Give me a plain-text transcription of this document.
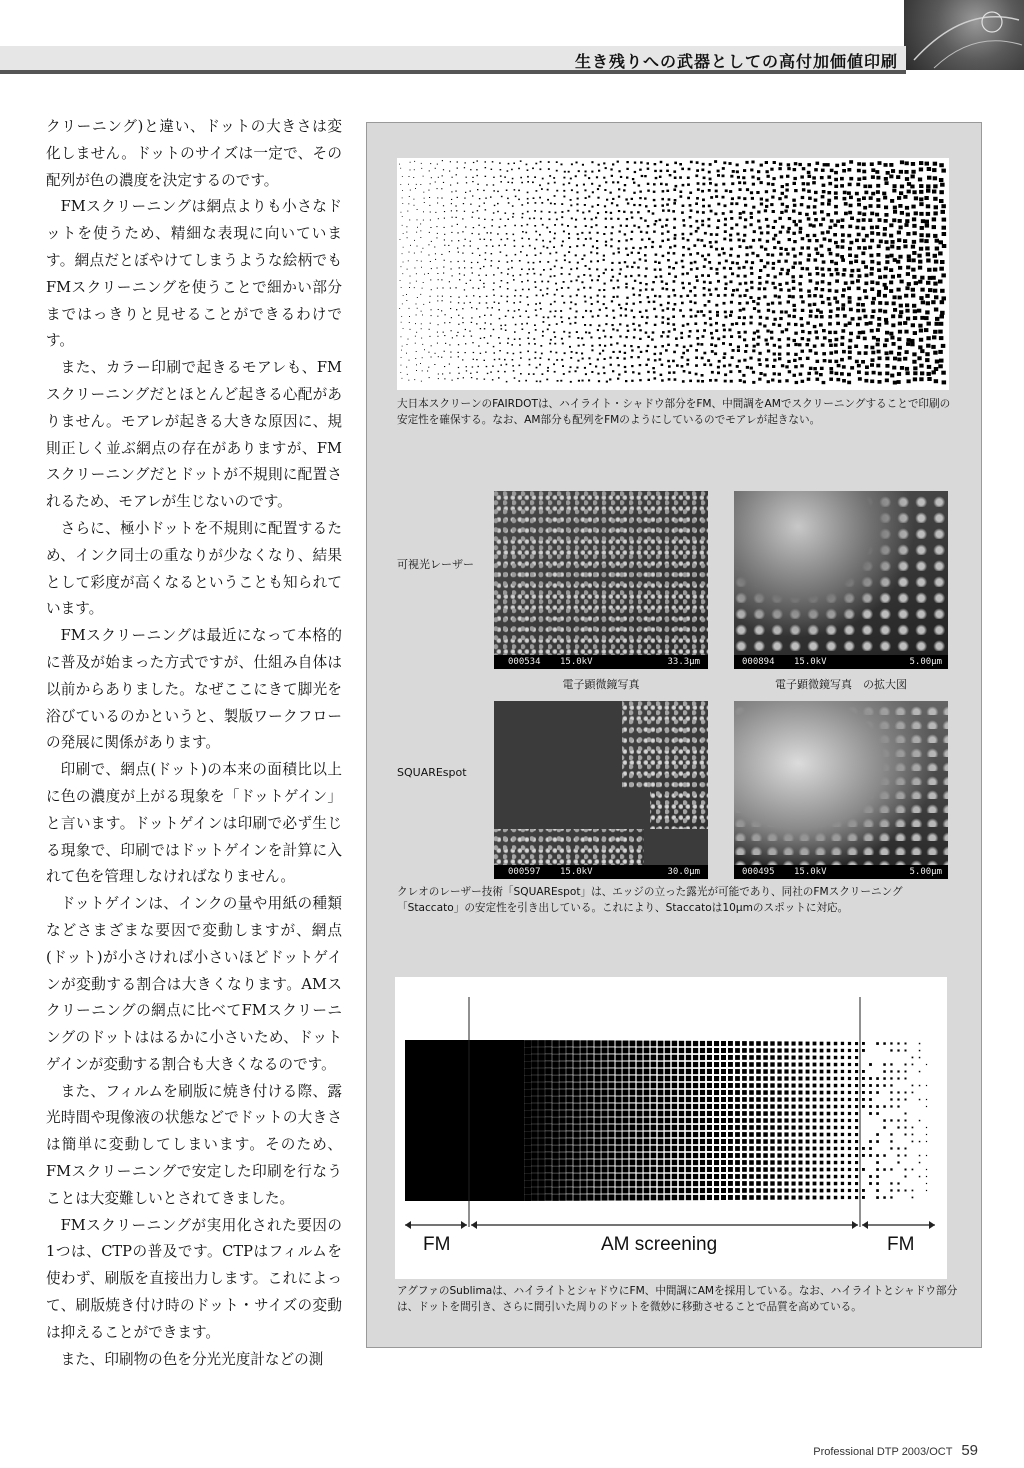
生き残りへの武器としての高付加価値印刷

クリーニング)と違い、ドットの大きさは変化しません。ドットのサイズは一定で、その配列が色の濃度を決定するのです。

FMスクリーニングは網点よりも小さなドットを使うため、精細な表現に向いています。網点だとぼやけてしまうような絵柄でもFMスクリーニングを使うことで細かい部分まではっきりと見せることができるわけです。

また、カラー印刷で起きるモアレも、FMスクリーニングだとほとんど起きる心配がありません。モアレが起きる大きな原因に、規則正しく並ぶ網点の存在がありますが、FMスクリーニングだとドットが不規則に配置されるため、モアレが生じないのです。

さらに、極小ドットを不規則に配置するため、インク同士の重なりが少なくなり、結果として彩度が高くなるということも知られています。

FMスクリーニングは最近になって本格的に普及が始まった方式ですが、仕組み自体は以前からありました。なぜここにきて脚光を浴びているのかというと、製版ワークフローの発展に関係があります。

印刷で、網点(ドット)の本来の面積比以上に色の濃度が上がる現象を「ドットゲイン」と言います。ドットゲインは印刷で必ず生じる現象で、印刷ではドットゲインを計算に入れて色を管理しなければなりません。

ドットゲインは、インクの量や用紙の種類などさまざまな要因で変動しますが、網点(ドット)が小さければ小さいほどドットゲインが変動する割合は大きくなります。AMスクリーニングの網点に比べてFMスクリーニングのドットははるかに小さいため、ドットゲインが変動する割合も大きくなるのです。

また、フィルムを刷版に焼き付ける際、露光時間や現像液の状態などでドットの大きさは簡単に変動してしまいます。そのため、FMスクリーニングで安定した印刷を行なうことは大変難しいとされてきました。

FMスクリーニングが実用化された要因の1つは、CTPの普及です。CTPはフィルムを使わず、刷版を直接出力します。これによって、刷版焼き付け時のドット・サイズの変動は抑えることができます。

また、印刷物の色を分光光度計などの測

大日本スクリーンのFAIRDOTは、ハイライト・シャドウ部分をFM、中間調をAMでスクリーニングすることで印刷の安定性を確保する。なお、AM部分も配列をFMのようにしているのでモアレが起きない。
可視光レーザー
SQUAREspot
000534 15.0kV	33.3μm	000894 15.0kV	5.00μm
000597 15.0kV	30.0μm	000495 15.0kV	5.00μm
電子顕微鏡写真	電子顕微鏡写真　の拡大図
クレオのレーザー技術「SQUAREspot」は、エッジの立った露光が可能であり、同社のFMスクリーニング「Staccato」の安定性を引き出している。これにより、Staccatoは10μmのスポットに対応。
FM	AM screening	FM
アグファのSublimaは、ハイライトとシャドウにFM、中間調にAMを採用している。なお、ハイライトとシャドウ部分は、ドットを間引き、さらに間引いた周りのドットを微妙に移動させることで品質を高めている。
Professional DTP 2003/OCT 59
